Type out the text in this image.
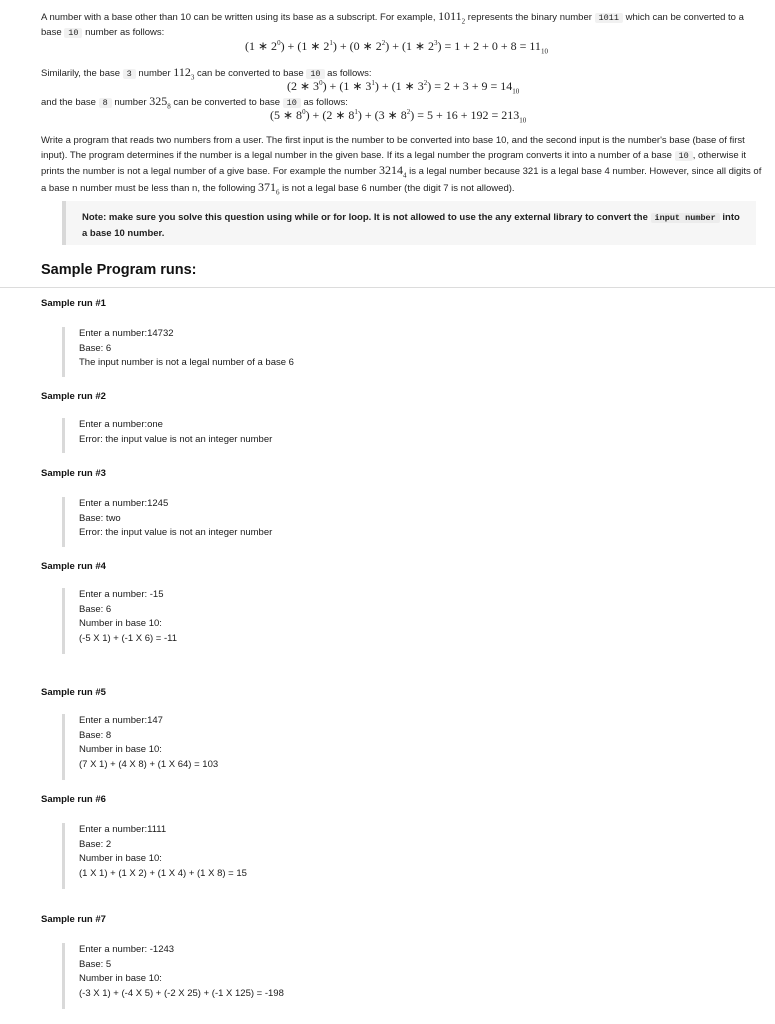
A number with a base other than 10 can be written using its base as a subscript. For example, $1011_2$ represents the binary number 1011 which can be converted to a base 10 number as follows:

(1 ∗ $2^0) + (1$ ∗ $2^1) + (0$ ∗ $2^2) + (1$ ∗ $2^3) = 1 + 2 + 0 + 8 = 11_{10}$

Similarily, the base 3 number $112_3$ can be converted to base 10 as follows:

(2 ∗ $3^0) + (1$ ∗ $3^1) + (1$ ∗ $3^2) = 2 + 3 + 9 = 14_{10}$

and the base 8 number $325_8$ can be converted to base 10 as follows:

(5 ∗ $8^0) + (2$ ∗ $8^1) + (3$ ∗ $8^2) = 5 + 16 + 192 = 213_{10}$

Write a program that reads two numbers from a user. The first input is the number to be converted into base 10, and the second input is the number's base (base of first input). The program determines if the number is a legal number in the given base. If its a legal number the program converts it into a number of a base 10 , otherwise it prints the number is not a legal number of a give base. For example the number $3214_4$ is a legal number because 321 is a legal base 4 number. However, since all digits of a base n number must be less than n, the following $371_6$ is not a legal base 6 number (the digit 7 is not allowed).

Note: make sure you solve this question using while or for loop. It is not allowed to use the any external library to convert the input number into a base 10 number.
Sample Program runs:
Sample run #1
Enter a number:14732
Base: 6
The input number is not a legal number of a base 6
Sample run #2
Enter a number:one
Error: the input value is not an integer number
Sample run #3
Enter a number:1245
Base: two
Error: the input value is not an integer number
Sample run #4
Enter a number: -15
Base: 6
Number in base 10:
(-5 X 1) + (-1 X 6) = -11
Sample run #5
Enter a number:147
Base: 8
Number in base 10:
(7 X 1) + (4 X 8) + (1 X 64) = 103
Sample run #6
Enter a number:1111
Base: 2
Number in base 10:
(1 X 1) + (1 X 2) + (1 X 4) + (1 X 8) = 15
Sample run #7
Enter a number: -1243
Base: 5
Number in base 10:
(-3 X 1) + (-4 X 5) + (-2 X 25) + (-1 X 125) = -198
